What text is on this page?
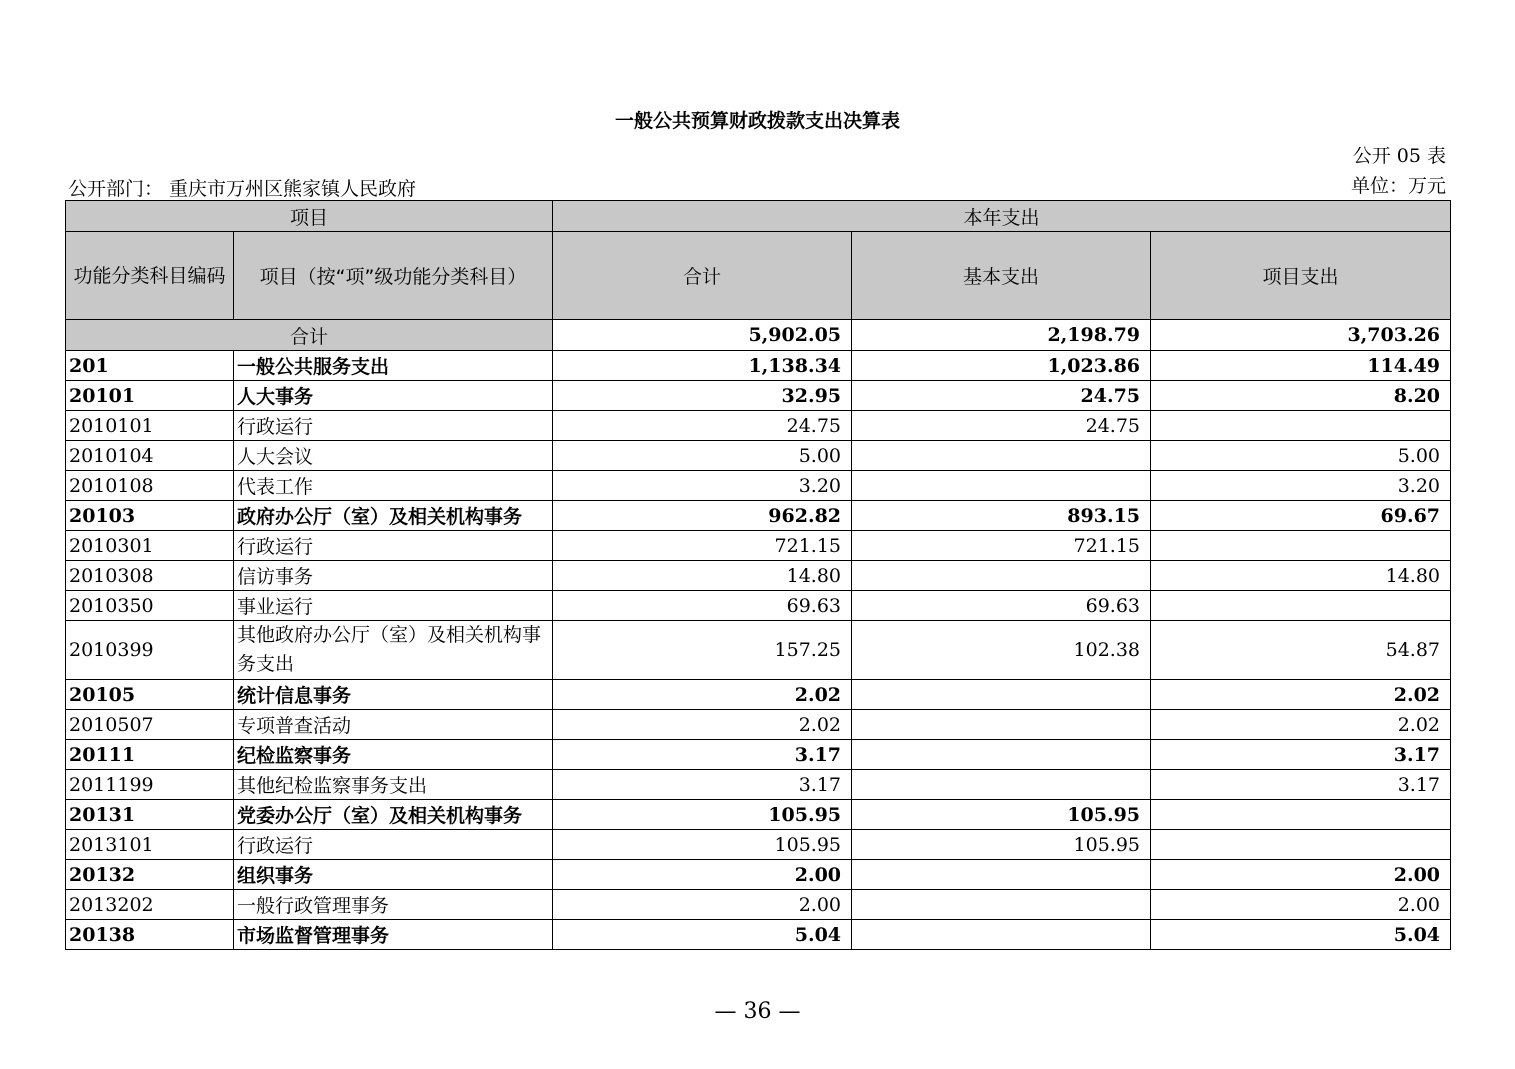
一般公共预算财政拨款支出决算表
公开 05 表
公开部门： 重庆市万州区熊家镇人民政府	单位：万元
项目		本年支出		
功能分类科目编码	项目（按“项”级功能分类科目）	合计	基本支出	项目支出
合计		5,902.05	2,198.79	3,703.26
201	一般公共服务支出	1,138.34	1,023.86	114.49
20101	人大事务	32.95	24.75	8.20
2010101	行政运行	24.75	24.75	
2010104	人大会议	5.00		5.00
2010108	代表工作	3.20		3.20
20103	政府办公厅（室）及相关机构事务	962.82	893.15	69.67
2010301	行政运行	721.15	721.15	
2010308	信访事务	14.80		14.80
2010350	事业运行	69.63	69.63	
2010399	其他政府办公厅（室）及相关机构事务支出	157.25	102.38	54.87
20105	统计信息事务	2.02		2.02
2010507	专项普查活动	2.02		2.02
20111	纪检监察事务	3.17		3.17
2011199	其他纪检监察事务支出	3.17		3.17
20131	党委办公厅（室）及相关机构事务	105.95	105.95	
2013101	行政运行	105.95	105.95	
20132	组织事务	2.00		2.00
2013202	一般行政管理事务	2.00		2.00
20138	市场监督管理事务	5.04		5.04
— 36 —
